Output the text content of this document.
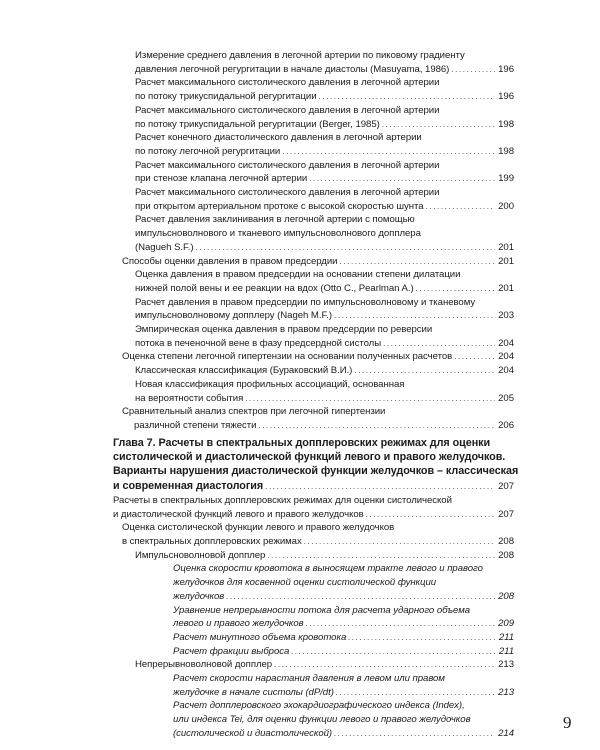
Измерение среднего давления в легочной артерии по пиковому градиенту
давления легочной регургитации в начале диастолы (Masuyama, 1986) .....	196
Расчет максимального систолического давления в легочной артерии
по потоку трикуспидальной регургитации .....	196
Расчет максимального систолического давления в легочной артерии
по потоку трикуспидальной регургитации (Berger, 1985) .....	198
Расчет конечного диастолического давления в легочной артерии
по потоку легочной регургитации .....	198
Расчет максимального систолического давления в легочной артерии
при стенозе клапана легочной артерии .....	199
Расчет максимального систолического давления в легочной артерии
при открытом артериальном протоке с высокой скоростью шунта .....	200
Расчет давления заклинивания в легочной артерии с помощью
импульсноволнового и тканевого импульсноволнового допплера
(Nagueh S.F.) .....	201
Способы оценки давления в правом предсердии .....	201
Оценка давления в правом предсердии на основании степени дилатации
нижней полой вены и ее реакции на вдох (Otto C., Pearlman A.) .....	201
Расчет давления в правом предсердии по импульсноволновому и тканевому
импульсноволновому допплеру (Nageh M.F.) .....	203
Эмпирическая оценка давления в правом предсердии по реверсии
потока в печеночной вене в фазу предсердной систолы .....	204
Оценка степени легочной гипертензии на основании полученных расчетов .....	204
Классическая классификация (Бураковский В.И.) .....	204
Новая классификация профильных ассоциаций, основанная
на вероятности события .....	205
Сравнительный анализ спектров при легочной гипертензии
различной степени тяжести .....	206
Глава 7. Расчеты в спектральных допплеровских режимах для оценки
систолической и диастолической функций левого и правого желудочков.
Варианты нарушения диастолической функции желудочков – классическая
и современная диастология .....	207
Расчеты в спектральных допплеровских режимах для оценки систолической
и диастолической функций левого и правого желудочков .....	207
Оценка систолической функции левого и правого желудочков
в спектральных допплеровских режимах .....	208
Импульсноволновой допплер .....	208
Оценка скорости кровотока в выносящем тракте левого и правого
желудочков для косвенной оценки систолической функции
желудочков .....	208
Уравнение непрерывности потока для расчета ударного объема
левого и правого желудочков .....	209
Расчет минутного объема кровотока .....	211
Расчет фракции выброса .....	211
Непрерывноволновой допплер .....	213
Расчет скорости нарастания давления в левом или правом
желудочке в начале систолы (dP/dt) .....	213
Расчет допплеровского эхокардиографического индекса (Index),
или индекса Tei, для оценки функции левого и правого желудочков
(систолической и диастолической) .....	214
9
